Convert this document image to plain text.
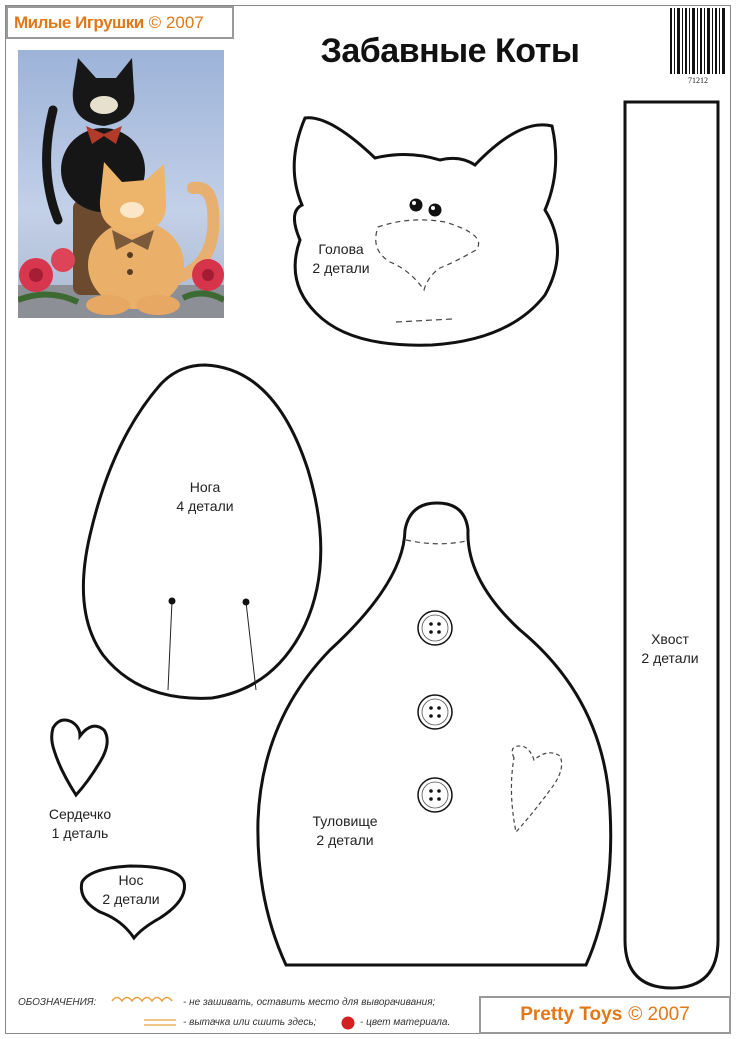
Милые Игрушки © 2007
Забавные Коты
71212
Голова
2 детали
Нога
4 детали
Туловище
2 детали
Хвост
2 детали
Сердечко
1 деталь
Нос
2 детали
ОБОЗНАЧЕНИЯ:	- не зашивать, оставить место для выворачивания;
- вытачка или сшить здесь;	- цвет материала.	Pretty Toys © 2007
